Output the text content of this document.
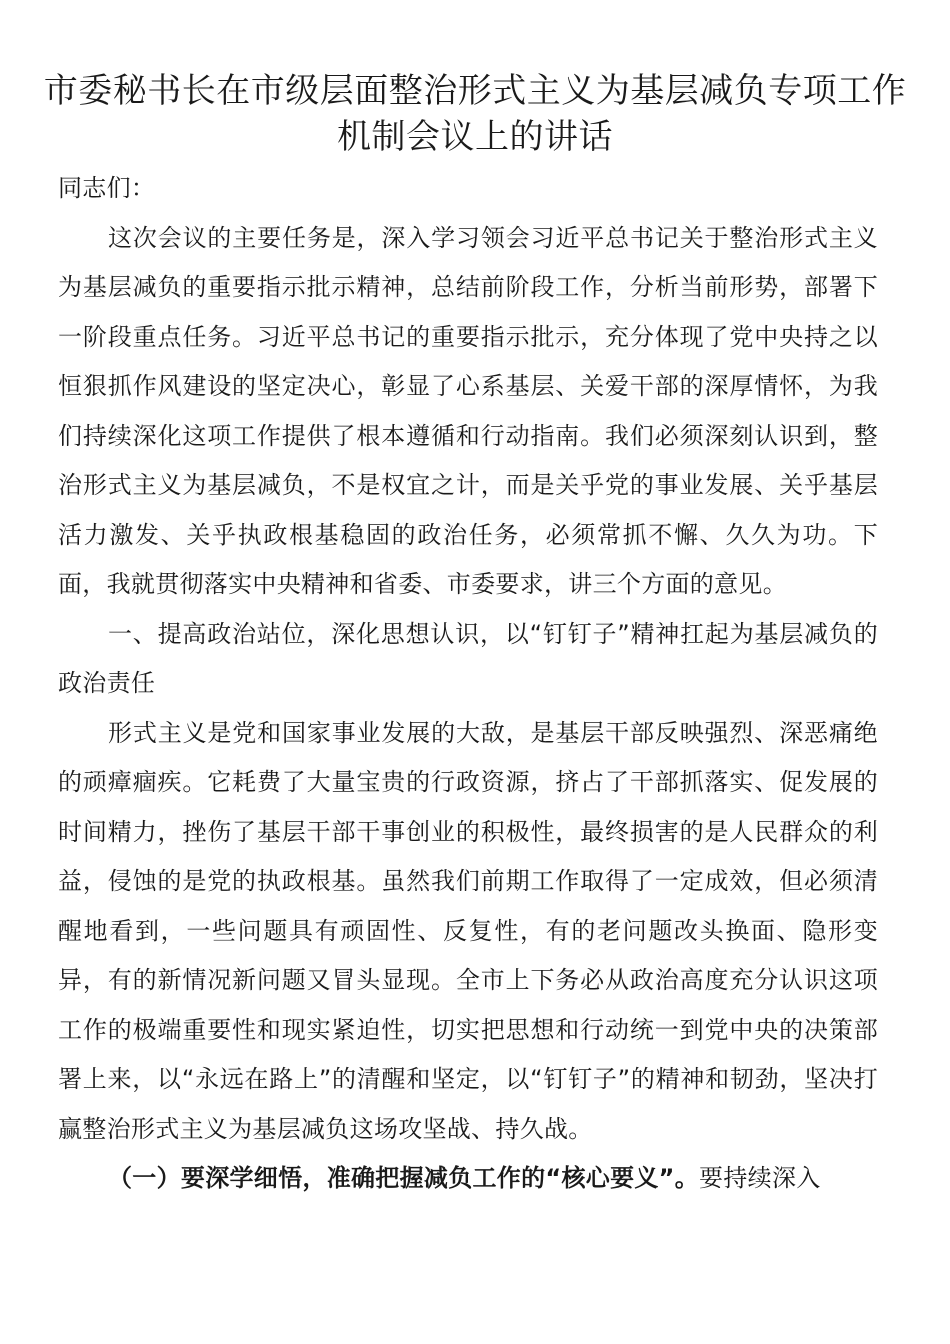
市委秘书长在市级层面整治形式主义为基层减负专项工作机制会议上的讲话

同志们：

这次会议的主要任务是，深入学习领会习近平总书记关于整治形式主义为基层减负的重要指示批示精神，总结前阶段工作，分析当前形势，部署下一阶段重点任务。习近平总书记的重要指示批示，充分体现了党中央持之以恒狠抓作风建设的坚定决心，彰显了心系基层、关爱干部的深厚情怀，为我们持续深化这项工作提供了根本遵循和行动指南。我们必须深刻认识到，整治形式主义为基层减负，不是权宜之计，而是关乎党的事业发展、关乎基层活力激发、关乎执政根基稳固的政治任务，必须常抓不懈、久久为功。下面，我就贯彻落实中央精神和省委、市委要求，讲三个方面的意见。

一、提高政治站位，深化思想认识，以“钉钉子”精神扛起为基层减负的政治责任

形式主义是党和国家事业发展的大敌，是基层干部反映强烈、深恶痛绝的顽瘴痼疾。它耗费了大量宝贵的行政资源，挤占了干部抓落实、促发展的时间精力，挫伤了基层干部干事创业的积极性，最终损害的是人民群众的利益，侵蚀的是党的执政根基。虽然我们前期工作取得了一定成效，但必须清醒地看到，一些问题具有顽固性、反复性，有的老问题改头换面、隐形变异，有的新情况新问题又冒头显现。全市上下务必从政治高度充分认识这项工作的极端重要性和现实紧迫性，切实把思想和行动统一到党中央的决策部署上来，以“永远在路上”的清醒和坚定，以“钉钉子”的精神和韧劲，坚决打赢整治形式主义为基层减负这场攻坚战、持久战。

（一）要深学细悟，准确把握减负工作的“核心要义”。要持续深入
